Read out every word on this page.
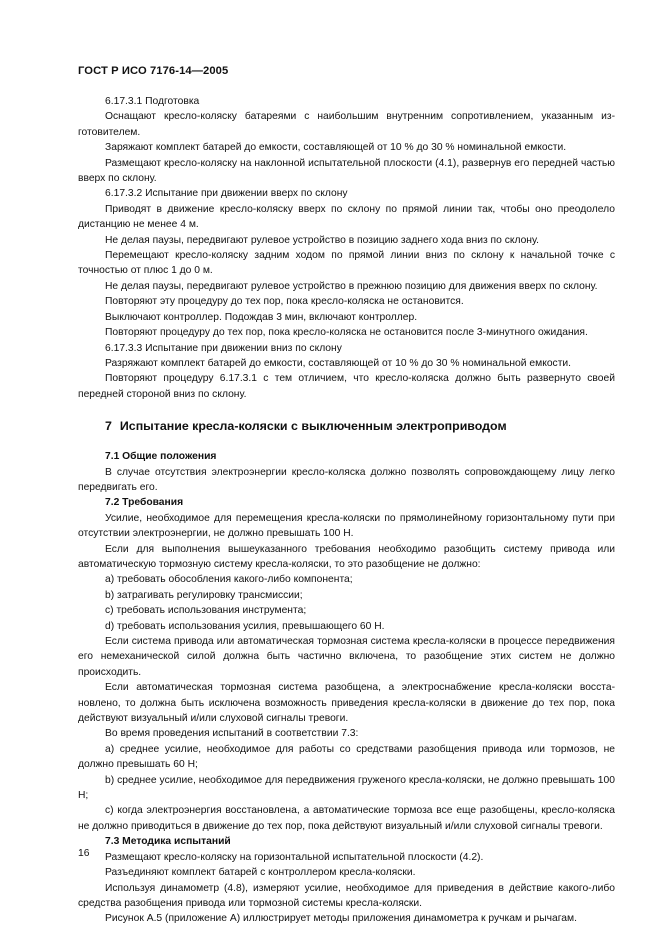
ГОСТ Р ИСО 7176-14—2005

6.17.3.1 Подготовка

Оснащают кресло-коляску батареями с наибольшим внутренним сопротивлением, указанным изготовителем.

Заряжают комплект батарей до емкости, составляющей от 10 % до 30 % номинальной емкости.

Размещают кресло-коляску на наклонной испытательной плоскости (4.1), развернув его передней частью вверх по склону.

6.17.3.2 Испытание при движении вверх по склону

Приводят в движение кресло-коляску вверх по склону по прямой линии так, чтобы оно преодолело дистанцию не менее 4 м.

Не делая паузы, передвигают рулевое устройство в позицию заднего хода вниз по склону.

Перемещают кресло-коляску задним ходом по прямой линии вниз по склону к начальной точке с точностью от плюс 1 до 0 м.

Не делая паузы, передвигают рулевое устройство в прежнюю позицию для движения вверх по склону.

Повторяют эту процедуру до тех пор, пока кресло-коляска не остановится.

Выключают контроллер. Подождав 3 мин, включают контроллер.

Повторяют процедуру до тех пор, пока кресло-коляска не остановится после 3-минутного ожидания.

6.17.3.3 Испытание при движении вниз по склону

Разряжают комплект батарей до емкости, составляющей от 10 % до 30 % номинальной емкости.

Повторяют процедуру 6.17.3.1 с тем отличием, что кресло-коляска должно быть развернуто своей передней стороной вниз по склону.

7 Испытание кресла-коляски с выключенным электроприводом

7.1 Общие положения

В случае отсутствия электроэнергии кресло-коляска должно позволять сопровождающему лицу легко передвигать его.

7.2 Требования

Усилие, необходимое для перемещения кресла-коляски по прямолинейному горизонтальному пути при отсутствии электроэнергии, не должно превышать 100 Н.

Если для выполнения вышеуказанного требования необходимо разобщить систему привода или автоматическую тормозную систему кресла-коляски, то это разобщение не должно:

a) требовать обособления какого-либо компонента;

b) затрагивать регулировку трансмиссии;

c) требовать использования инструмента;

d) требовать использования усилия, превышающего 60 Н.

Если система привода или автоматическая тормозная система кресла-коляски в процессе передвижения его немеханической силой должна быть частично включена, то разобщение этих систем не должно происходить.

Если автоматическая тормозная система разобщена, а электроснабжение кресла-коляски восстановлено, то должна быть исключена возможность приведения кресла-коляски в движение до тех пор, пока действуют визуальный и/или слуховой сигналы тревоги.

Во время проведения испытаний в соответствии 7.3:

a) среднее усилие, необходимое для работы со средствами разобщения привода или тормозов, не должно превышать 60 Н;

b) среднее усилие, необходимое для передвижения груженого кресла-коляски, не должно превышать 100 Н;

c) когда электроэнергия восстановлена, а автоматические тормоза все еще разобщены, кресло-коляска не должно приводиться в движение до тех пор, пока действуют визуальный и/или слуховой сигналы тревоги.

7.3 Методика испытаний

Размещают кресло-коляску на горизонтальной испытательной плоскости (4.2).

Разъединяют комплект батарей с контроллером кресла-коляски.

Используя динамометр (4.8), измеряют усилие, необходимое для приведения в действие какого-либо средства разобщения привода или тормозной системы кресла-коляски.

Рисунок А.5 (приложение А) иллюстрирует методы приложения динамометра к ручкам и рычагам.

16
